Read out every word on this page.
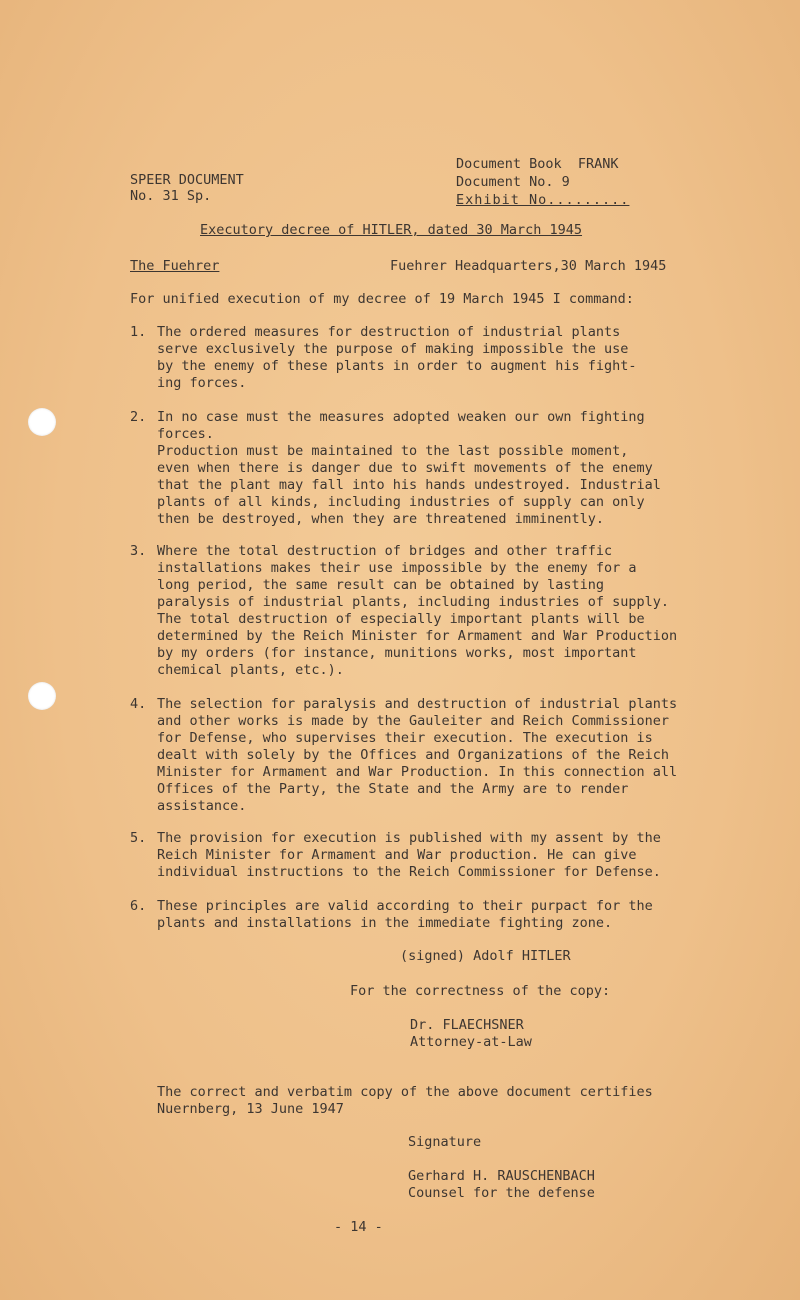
SPEER DOCUMENT
No. 31 Sp.
Document Book  FRANK
Document No. 9
Exhibit No.........
Executory decree of HITLER, dated 30 March 1945
The Fuehrer	Fuehrer Headquarters,30 March 1945
For unified execution of my decree of 19 March 1945 I command:
1. The ordered measures for destruction of industrial plants
serve exclusively the purpose of making impossible the use
by the enemy of these plants in order to augment his fight-
ing forces.
2. In no case must the measures adopted weaken our own fighting
forces.
Production must be maintained to the last possible moment,
even when there is danger due to swift movements of the enemy
that the plant may fall into his hands undestroyed. Industrial
plants of all kinds, including industries of supply can only
then be destroyed, when they are threatened imminently.
3. Where the total destruction of bridges and other traffic
installations makes their use impossible by the enemy for a
long period, the same result can be obtained by lasting
paralysis of industrial plants, including industries of supply.
The total destruction of especially important plants will be
determined by the Reich Minister for Armament and War Production
by my orders (for instance, munitions works, most important
chemical plants, etc.).
4. The selection for paralysis and destruction of industrial plants
and other works is made by the Gauleiter and Reich Commissioner
for Defense, who supervises their execution. The execution is
dealt with solely by the Offices and Organizations of the Reich
Minister for Armament and War Production. In this connection all
Offices of the Party, the State and the Army are to render
assistance.
5. The provision for execution is published with my assent by the
Reich Minister for Armament and War production. He can give
individual instructions to the Reich Commissioner for Defense.
6. These principles are valid according to their purpact for the
plants and installations in the immediate fighting zone.
(signed) Adolf HITLER
For the correctness of the copy:
Dr. FLAECHSNER
Attorney-at-Law
The correct and verbatim copy of the above document certifies
Nuernberg, 13 June 1947
Signature
Gerhard H. RAUSCHENBACH
Counsel for the defense
- 14 -
